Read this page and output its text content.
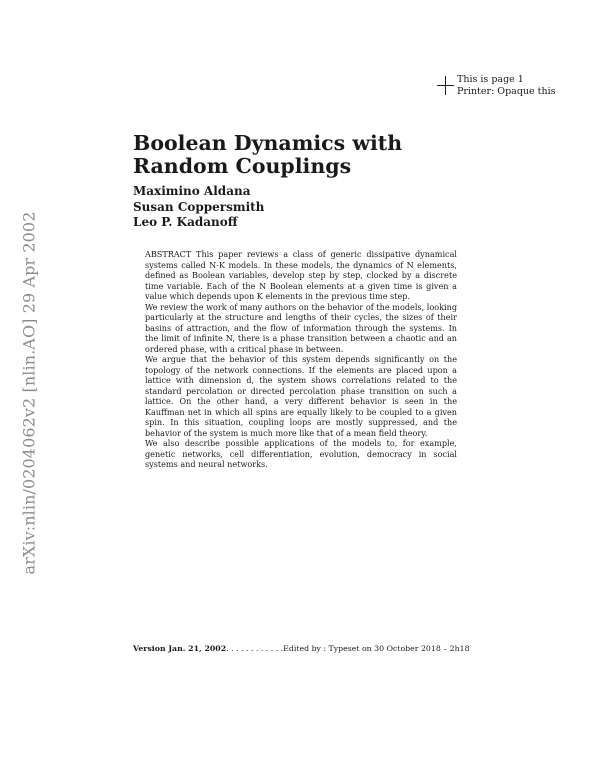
arXiv:nlin/0204062v2 [nlin.AO] 29 Apr 2002
This is page 1
Printer: Opaque this
Boolean Dynamics with
Random Couplings
Maximino Aldana
Susan Coppersmith
Leo P. Kadanoff

ABSTRACT This paper reviews a class of generic dissipative dynamical systems called N-K models. In these models, the dynamics of N elements, defined as Boolean variables, develop step by step, clocked by a discrete time variable. Each of the N Boolean elements at a given time is given a value which depends upon K elements in the previous time step.

We review the work of many authors on the behavior of the models, looking particularly at the structure and lengths of their cycles, the sizes of their basins of attraction, and the flow of information through the systems. In the limit of infinite N, there is a phase transition between a chaotic and an ordered phase, with a critical phase in between.

We argue that the behavior of this system depends significantly on the topology of the network connections. If the elements are placed upon a lattice with dimension d, the system shows correlations related to the standard percolation or directed percolation phase transition on such a lattice. On the other hand, a very different behavior is seen in the Kauffman net in which all spins are equally likely to be coupled to a given spin. In this situation, coupling loops are mostly suppressed, and the behavior of the system is much more like that of a mean field theory.

We also describe possible applications of the models to, for example, genetic networks, cell differentiation, evolution, democracy in social systems and neural networks.

Version Jan. 21, 2002. . . . . . . . . . . .Edited by : Typeset on 30 October 2018 – 2h18
